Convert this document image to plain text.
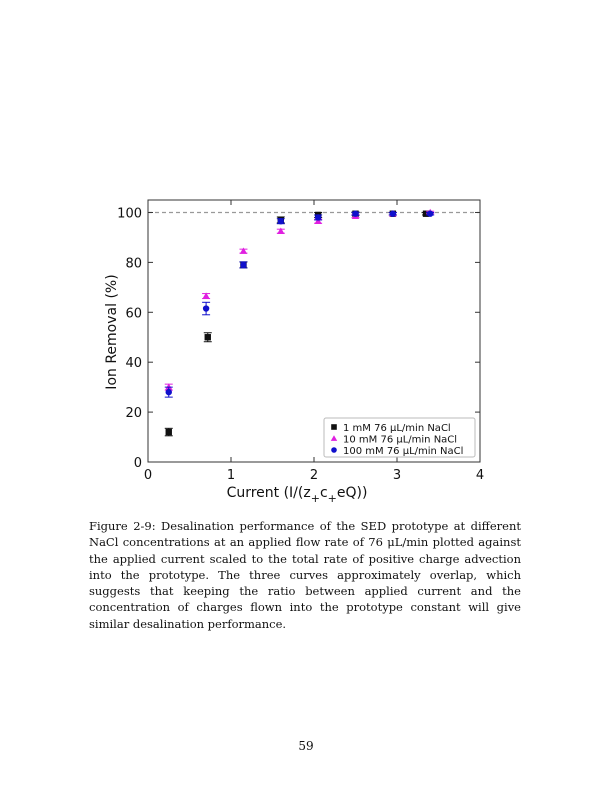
0	1	2	3	4
0
20
40
60
80
100
1 mM 76 μL/min NaCl
10 mM 76 μL/min NaCl
100 mM 76 μL/min NaCl
Current $(I/(z_+c_+eQ))$
Ion Removal (%)
Figure 2-9: Desalination performance of the SED prototype at different NaCl concentrations at an applied flow rate of 76 μL/min plotted against the applied current scaled to the total rate of positive charge advection into the prototype. The three curves approximately overlap, which suggests that keeping the ratio between applied current and the concentration of charges flown into the prototype constant will give similar desalination performance.
59
